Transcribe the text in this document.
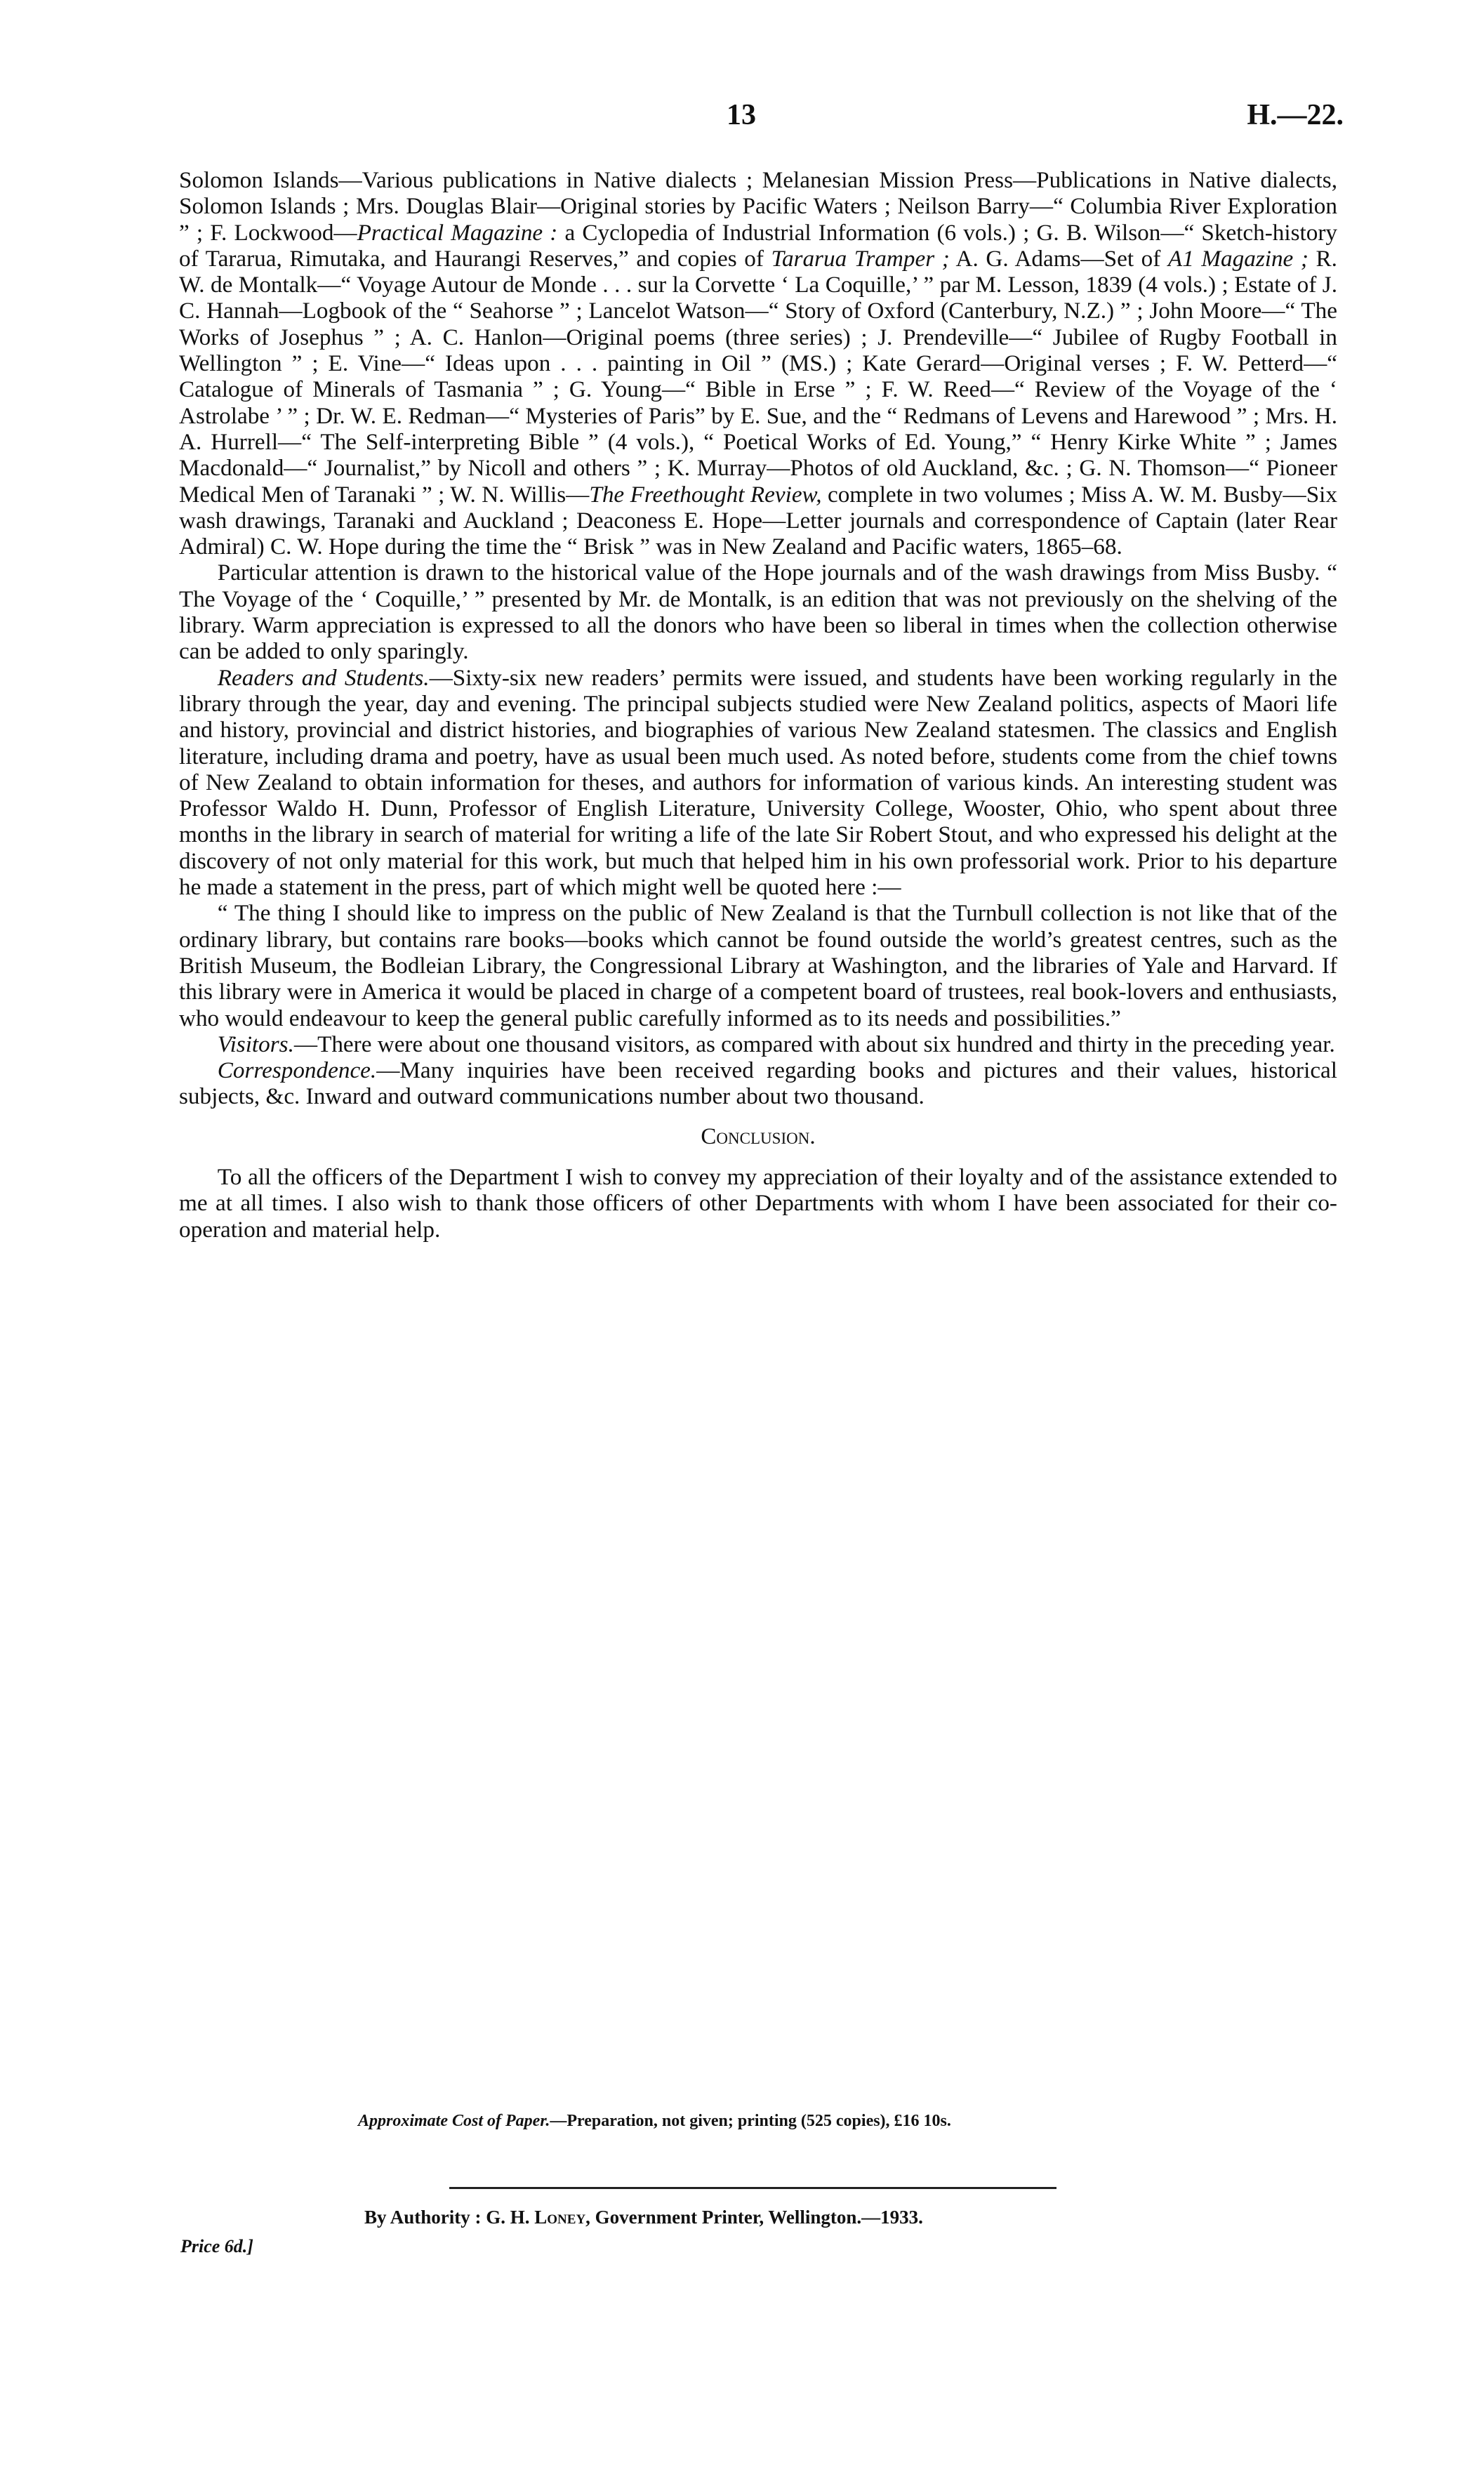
13	H.—22.

Solomon Islands—Various publications in Native dialects ; Melanesian Mission Press—Publications in Native dialects, Solomon Islands ; Mrs. Douglas Blair—Original stories by Pacific Waters ; Neilson Barry—“ Columbia River Exploration ” ; F. Lockwood—Practical Magazine : a Cyclopedia of Industrial Information (6 vols.) ; G. B. Wilson—“ Sketch-history of Tararua, Rimutaka, and Haurangi Reserves,” and copies of Tararua Tramper ; A. G. Adams—Set of A1 Magazine ; R. W. de Montalk—“ Voyage Autour de Monde . . . sur la Corvette ‘ La Coquille,’ ” par M. Lesson, 1839 (4 vols.) ; Estate of J. C. Hannah—Logbook of the “ Seahorse ” ; Lancelot Watson—“ Story of Oxford (Canterbury, N.Z.) ” ; John Moore—“ The Works of Josephus ” ; A. C. Hanlon—Original poems (three series) ; J. Prendeville—“ Jubilee of Rugby Football in Wellington ” ; E. Vine—“ Ideas upon . . . painting in Oil ” (MS.) ; Kate Gerard—Original verses ; F. W. Petterd—“ Catalogue of Minerals of Tasmania ” ; G. Young—“ Bible in Erse ” ; F. W. Reed—“ Review of the Voyage of the ‘ Astrolabe ’ ” ; Dr. W. E. Redman—“ Mysteries of Paris” by E. Sue, and the “ Redmans of Levens and Harewood ” ; Mrs. H. A. Hurrell—“ The Self-interpreting Bible ” (4 vols.), “ Poetical Works of Ed. Young,” “ Henry Kirke White ” ; James Macdonald—“ Journalist,” by Nicoll and others ” ; K. Murray—Photos of old Auckland, &c. ; G. N. Thomson—“ Pioneer Medical Men of Taranaki ” ; W. N. Willis—The Freethought Review, complete in two volumes ; Miss A. W. M. Busby—Six wash drawings, Taranaki and Auckland ; Deaconess E. Hope—Letter journals and correspondence of Captain (later Rear Admiral) C. W. Hope during the time the “ Brisk ” was in New Zealand and Pacific waters, 1865–68.

Particular attention is drawn to the historical value of the Hope journals and of the wash drawings from Miss Busby. “ The Voyage of the ‘ Coquille,’ ” presented by Mr. de Montalk, is an edition that was not previously on the shelving of the library. Warm appreciation is expressed to all the donors who have been so liberal in times when the collection otherwise can be added to only sparingly.

Readers and Students.—Sixty-six new readers’ permits were issued, and students have been working regularly in the library through the year, day and evening. The principal subjects studied were New Zealand politics, aspects of Maori life and history, provincial and district histories, and biographies of various New Zealand statesmen. The classics and English literature, including drama and poetry, have as usual been much used. As noted before, students come from the chief towns of New Zealand to obtain information for theses, and authors for information of various kinds. An interesting student was Professor Waldo H. Dunn, Professor of English Literature, University College, Wooster, Ohio, who spent about three months in the library in search of material for writing a life of the late Sir Robert Stout, and who expressed his delight at the discovery of not only material for this work, but much that helped him in his own professorial work. Prior to his departure he made a statement in the press, part of which might well be quoted here :—

“ The thing I should like to impress on the public of New Zealand is that the Turnbull collection is not like that of the ordinary library, but contains rare books—books which cannot be found outside the world’s greatest centres, such as the British Museum, the Bodleian Library, the Congressional Library at Washington, and the libraries of Yale and Harvard. If this library were in America it would be placed in charge of a competent board of trustees, real book-lovers and enthusiasts, who would endeavour to keep the general public carefully informed as to its needs and possibilities.”

Visitors.—There were about one thousand visitors, as compared with about six hundred and thirty in the preceding year.

Correspondence.—Many inquiries have been received regarding books and pictures and their values, historical subjects, &c. Inward and outward communications number about two thousand.

Conclusion.

To all the officers of the Department I wish to convey my appreciation of their loyalty and of the assistance extended to me at all times. I also wish to thank those officers of other Departments with whom I have been associated for their co-operation and material help.

Approximate Cost of Paper.—Preparation, not given; printing (525 copies), £16 10s.
By Authority : G. H. Loney, Government Printer, Wellington.—1933.
Price 6d.]
